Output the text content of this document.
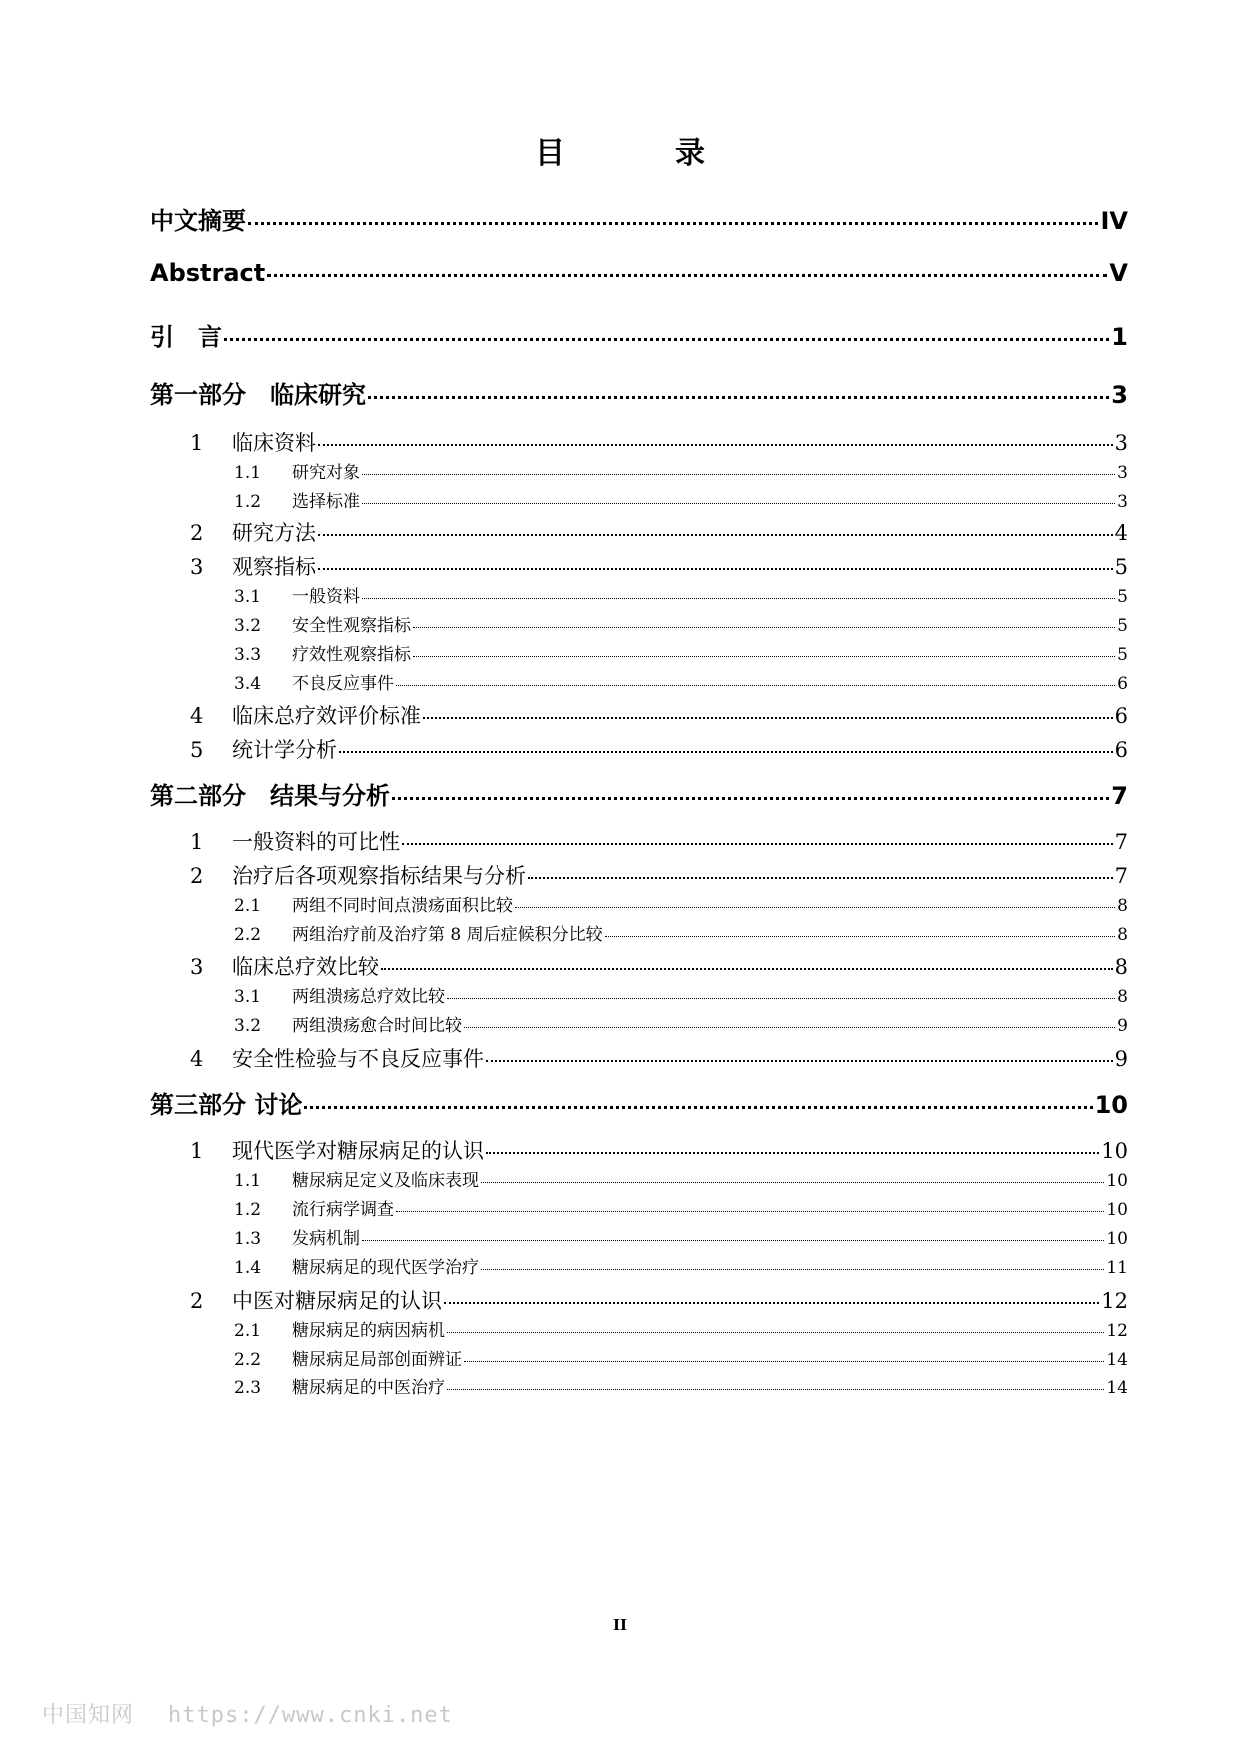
目　录
中文摘要	IV
Abstract	V
引　言	1
第一部分　临床研究	3
1	临床资料	3
1.1	研究对象	3
1.2	选择标准	3
2	研究方法	4
3	观察指标	5
3.1	一般资料	5
3.2	安全性观察指标	5
3.3	疗效性观察指标	5
3.4	不良反应事件	6
4	临床总疗效评价标准	6
5	统计学分析	6
第二部分　结果与分析	7
1	一般资料的可比性	7
2	治疗后各项观察指标结果与分析	7
2.1	两组不同时间点溃疡面积比较	8
2.2	两组治疗前及治疗第 8 周后症候积分比较	8
3	临床总疗效比较	8
3.1	两组溃疡总疗效比较	8
3.2	两组溃疡愈合时间比较	9
4	安全性检验与不良反应事件	9
第三部分 讨论	10
1	现代医学对糖尿病足的认识	10
1.1	糖尿病足定义及临床表现	10
1.2	流行病学调查	10
1.3	发病机制	10
1.4	糖尿病足的现代医学治疗	11
2	中医对糖尿病足的认识	12
2.1	糖尿病足的病因病机	12
2.2	糖尿病足局部创面辨证	14
2.3	糖尿病足的中医治疗	14
II
中国知网 https://www.cnki.net
